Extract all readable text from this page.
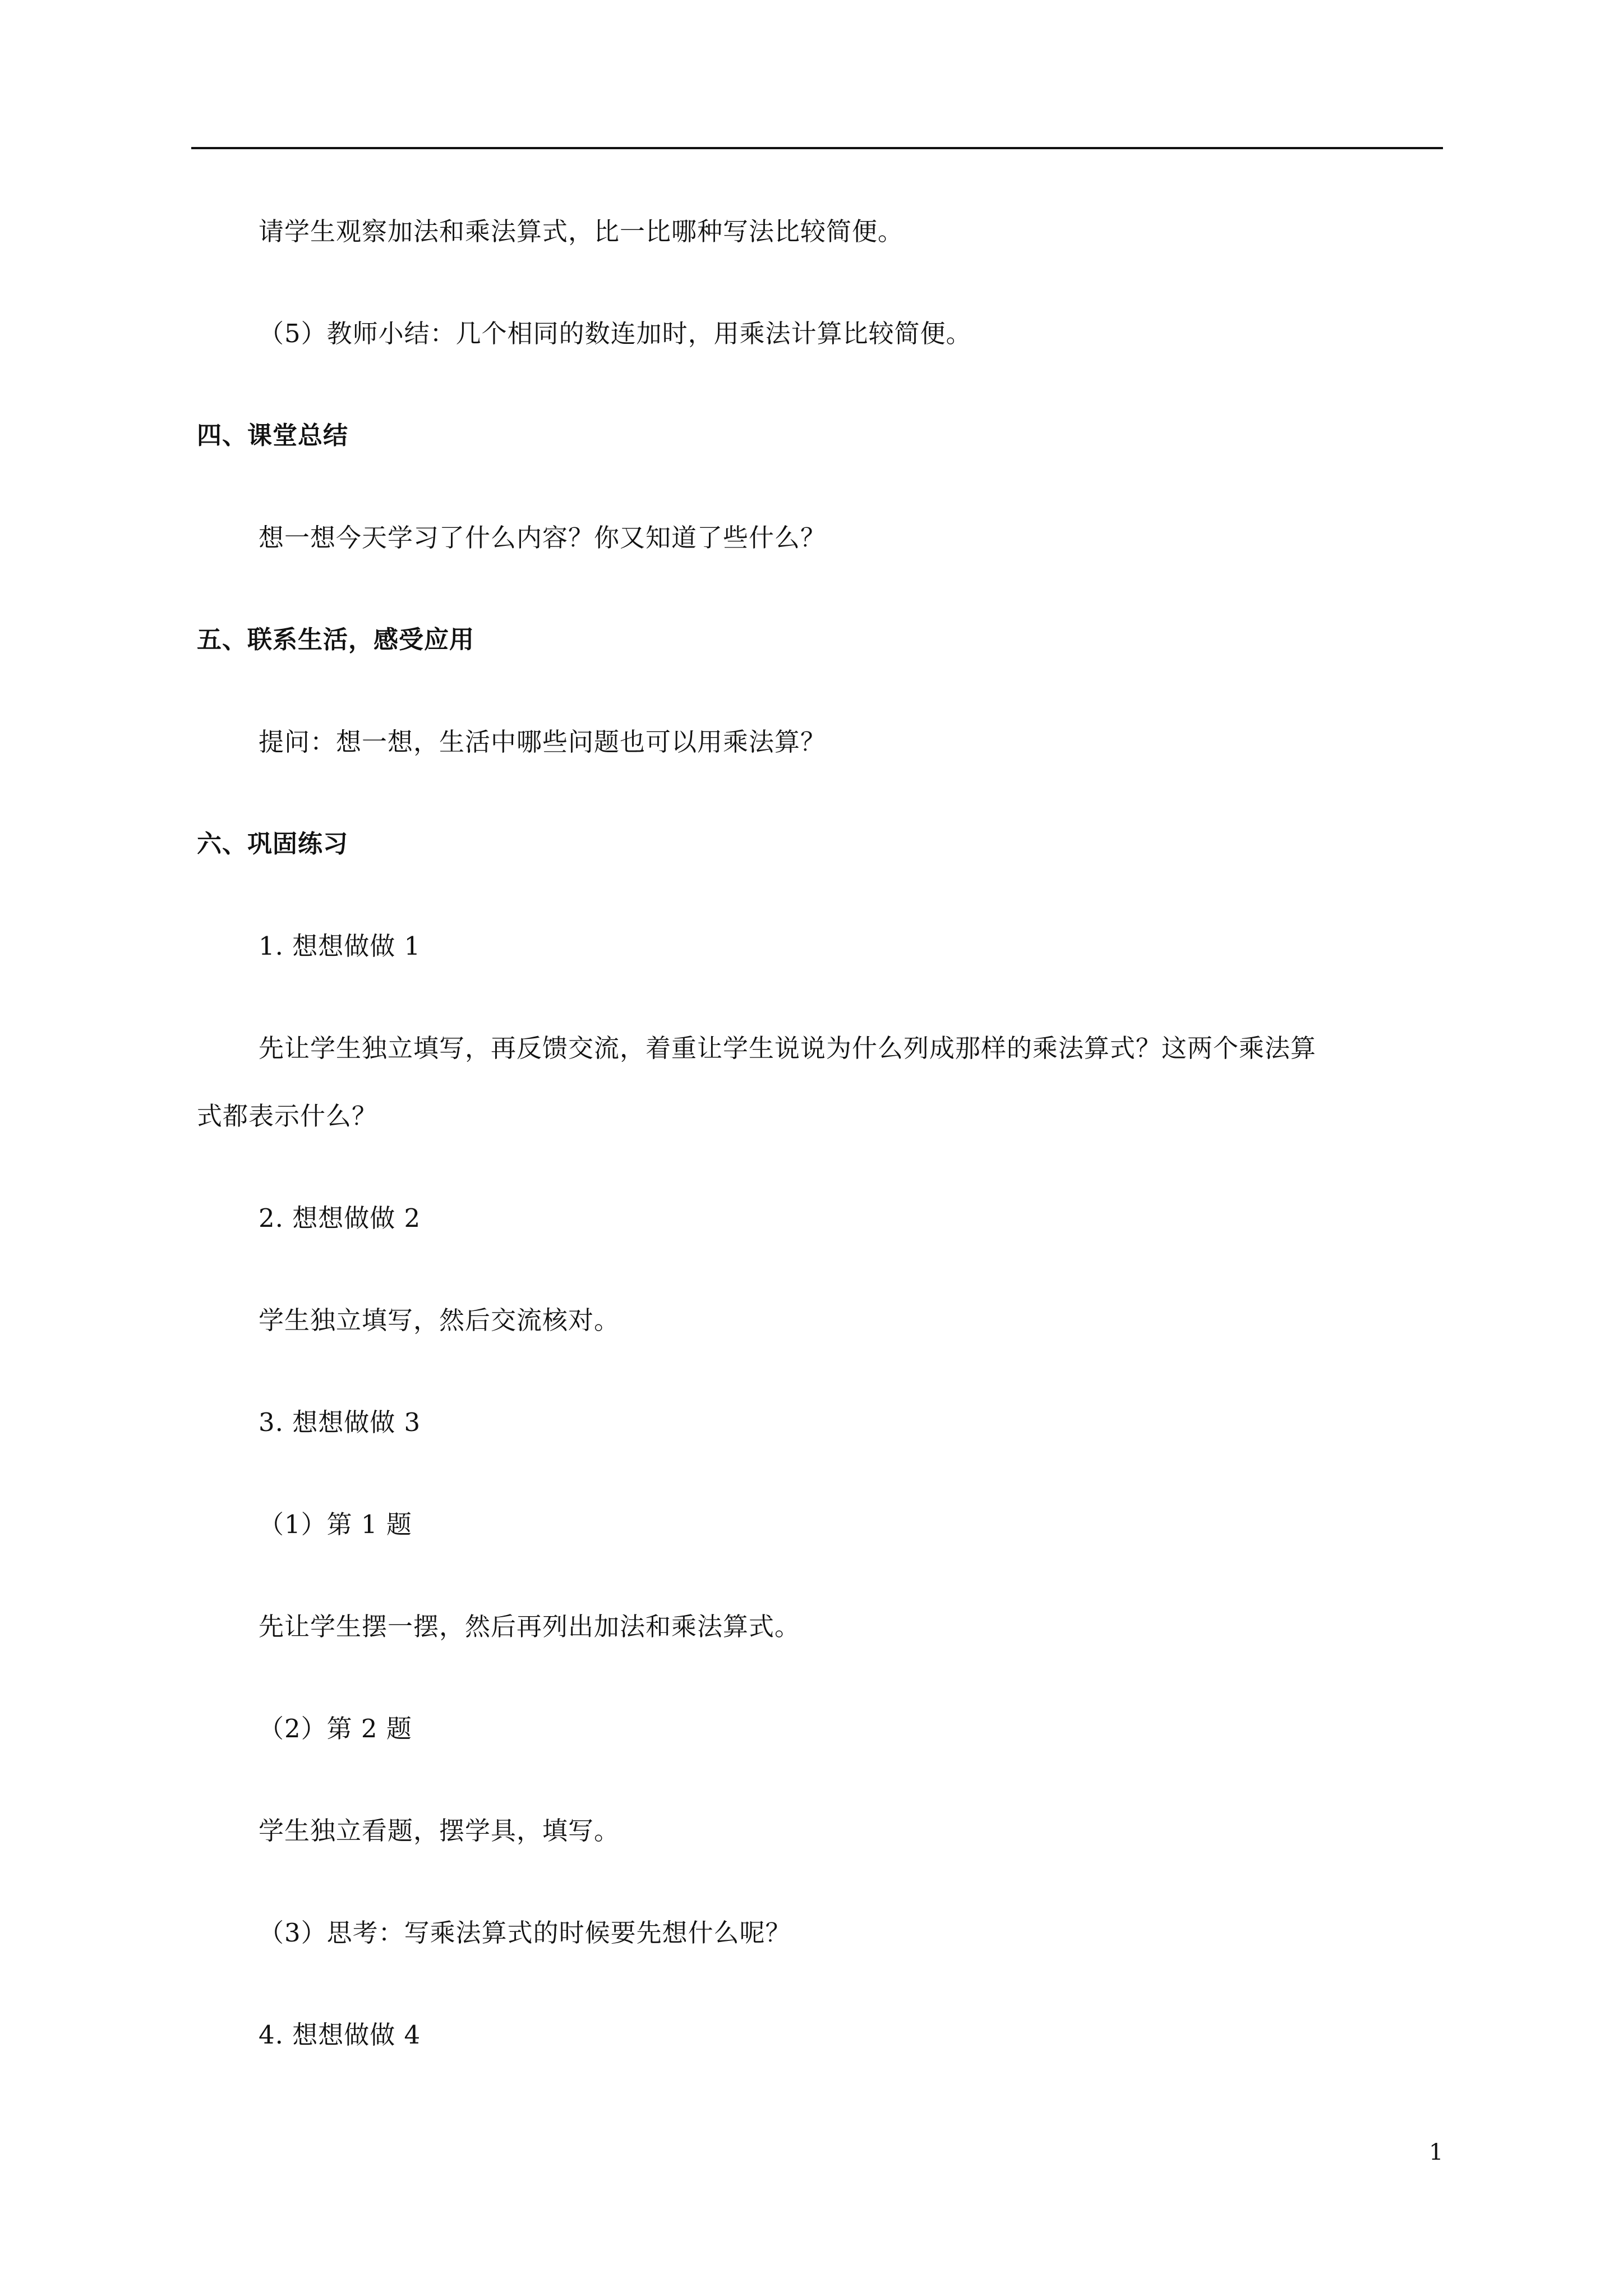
请学生观察加法和乘法算式，比一比哪种写法比较简便。
（5）教师小结：几个相同的数连加时，用乘法计算比较简便。
四、课堂总结
想一想今天学习了什么内容？你又知道了些什么？
五、联系生活，感受应用
提问：想一想，生活中哪些问题也可以用乘法算？
六、巩固练习
1. 想想做做 1
先让学生独立填写，再反馈交流，着重让学生说说为什么列成那样的乘法算式？这两个乘法算
式都表示什么？
2. 想想做做 2
学生独立填写，然后交流核对。
3. 想想做做 3
（1）第 1 题
先让学生摆一摆，然后再列出加法和乘法算式。
（2）第 2 题
学生独立看题，摆学具，填写。
（3）思考：写乘法算式的时候要先想什么呢？
4. 想想做做 4
1
